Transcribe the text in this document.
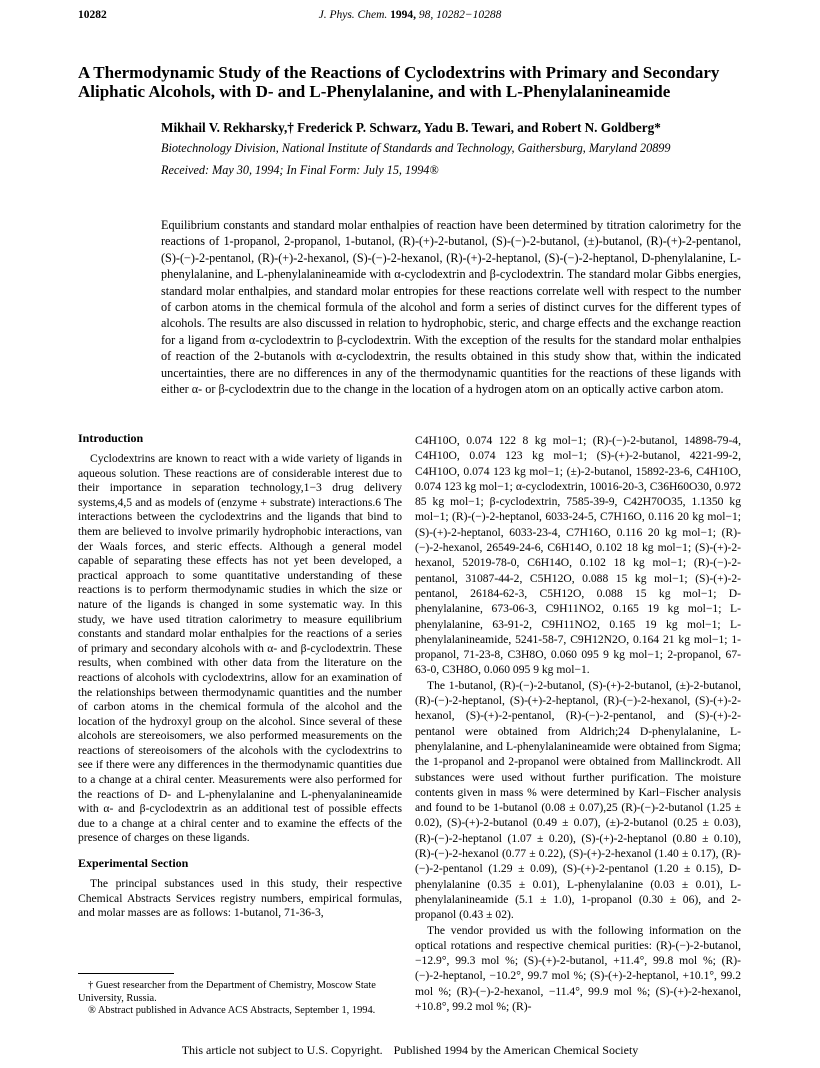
10282	J. Phys. Chem. 1994, 98, 10282−10288
A Thermodynamic Study of the Reactions of Cyclodextrins with Primary and Secondary Aliphatic Alcohols, with D- and L-Phenylalanine, and with L-Phenylalanineamide
Mikhail V. Rekharsky,† Frederick P. Schwarz, Yadu B. Tewari, and Robert N. Goldberg*
Biotechnology Division, National Institute of Standards and Technology, Gaithersburg, Maryland 20899
Received: May 30, 1994; In Final Form: July 15, 1994®

Equilibrium constants and standard molar enthalpies of reaction have been determined by titration calorimetry for the reactions of 1-propanol, 2-propanol, 1-butanol, (R)-(+)-2-butanol, (S)-(−)-2-butanol, (±)-butanol, (R)-(+)-2-pentanol, (S)-(−)-2-pentanol, (R)-(+)-2-hexanol, (S)-(−)-2-hexanol, (R)-(+)-2-heptanol, (S)-(−)-2-heptanol, D-phenylalanine, L-phenylalanine, and L-phenylalanineamide with α-cyclodextrin and β-cyclodextrin. The standard molar Gibbs energies, standard molar enthalpies, and standard molar entropies for these reactions correlate well with respect to the number of carbon atoms in the chemical formula of the alcohol and form a series of distinct curves for the different types of alcohols. The results are also discussed in relation to hydrophobic, steric, and charge effects and the exchange reaction for a ligand from α-cyclodextrin to β-cyclodextrin. With the exception of the results for the standard molar enthalpies of reaction of the 2-butanols with α-cyclodextrin, the results obtained in this study show that, within the indicated uncertainties, there are no differences in any of the thermodynamic quantities for the reactions of these ligands with either α- or β-cyclodextrin due to the change in the location of a hydrogen atom on an optically active carbon atom.

Introduction

Cyclodextrins are known to react with a wide variety of ligands in aqueous solution. These reactions are of considerable interest due to their importance in separation technology,1−3 drug delivery systems,4,5 and as models of (enzyme + substrate) interactions.6 The interactions between the cyclodextrins and the ligands that bind to them are believed to involve primarily hydrophobic interactions, van der Waals forces, and steric effects. Although a general model capable of separating these effects has not yet been developed, a practical approach to some quantitative understanding of these reactions is to perform thermodynamic studies in which the size or nature of the ligands is changed in some systematic way. In this study, we have used titration calorimetry to measure equilibrium constants and standard molar enthalpies for the reactions of a series of primary and secondary alcohols with α- and β-cyclodextrin. These results, when combined with other data from the literature on the reactions of alcohols with cyclodextrins, allow for an examination of the relationships between thermodynamic quantities and the number of carbon atoms in the chemical formula of the alcohol and the location of the hydroxyl group on the alcohol. Since several of these alcohols are stereoisomers, we also performed measurements on the reactions of stereoisomers of the alcohols with the cyclodextrins to see if there were any differences in the thermodynamic quantities due to a change at a chiral center. Measurements were also performed for the reactions of D- and L-phenylalanine and L-phenyalanineamide with α- and β-cyclodextrin as an additional test of possible effects due to a change at a chiral center and to examine the effects of the presence of charges on these ligands.

Experimental Section

The principal substances used in this study, their respective Chemical Abstracts Services registry numbers, empirical formulas, and molar masses are as follows: 1-butanol, 71-36-3,

C4H10O, 0.074 122 8 kg mol−1; (R)-(−)-2-butanol, 14898-79-4, C4H10O, 0.074 123 kg mol−1; (S)-(+)-2-butanol, 4221-99-2, C4H10O, 0.074 123 kg mol−1; (±)-2-butanol, 15892-23-6, C4H10O, 0.074 123 kg mol−1; α-cyclodextrin, 10016-20-3, C36H60O30, 0.972 85 kg mol−1; β-cyclodextrin, 7585-39-9, C42H70O35, 1.1350 kg mol−1; (R)-(−)-2-heptanol, 6033-24-5, C7H16O, 0.116 20 kg mol−1; (S)-(+)-2-heptanol, 6033-23-4, C7H16O, 0.116 20 kg mol−1; (R)-(−)-2-hexanol, 26549-24-6, C6H14O, 0.102 18 kg mol−1; (S)-(+)-2-hexanol, 52019-78-0, C6H14O, 0.102 18 kg mol−1; (R)-(−)-2-pentanol, 31087-44-2, C5H12O, 0.088 15 kg mol−1; (S)-(+)-2-pentanol, 26184-62-3, C5H12O, 0.088 15 kg mol−1; D-phenylalanine, 673-06-3, C9H11NO2, 0.165 19 kg mol−1; L-phenylalanine, 63-91-2, C9H11NO2, 0.165 19 kg mol−1; L-phenylalanineamide, 5241-58-7, C9H12N2O, 0.164 21 kg mol−1; 1-propanol, 71-23-8, C3H8O, 0.060 095 9 kg mol−1; 2-propanol, 67-63-0, C3H8O, 0.060 095 9 kg mol−1.

The 1-butanol, (R)-(−)-2-butanol, (S)-(+)-2-butanol, (±)-2-butanol, (R)-(−)-2-heptanol, (S)-(+)-2-heptanol, (R)-(−)-2-hexanol, (S)-(+)-2-hexanol, (S)-(+)-2-pentanol, (R)-(−)-2-pentanol, and (S)-(+)-2-pentanol were obtained from Aldrich;24 D-phenylalanine, L-phenylalanine, and L-phenylalanineamide were obtained from Sigma; the 1-propanol and 2-propanol were obtained from Mallinckrodt. All substances were used without further purification. The moisture contents given in mass % were determined by Karl−Fischer analysis and found to be 1-butanol (0.08 ± 0.07),25 (R)-(−)-2-butanol (1.25 ± 0.02), (S)-(+)-2-butanol (0.49 ± 0.07), (±)-2-butanol (0.25 ± 0.03), (R)-(−)-2-heptanol (1.07 ± 0.20), (S)-(+)-2-heptanol (0.80 ± 0.10), (R)-(−)-2-hexanol (0.77 ± 0.22), (S)-(+)-2-hexanol (1.40 ± 0.17), (R)-(−)-2-pentanol (1.29 ± 0.09), (S)-(+)-2-pentanol (1.20 ± 0.15), D-phenylalanine (0.35 ± 0.01), L-phenylalanine (0.03 ± 0.01), L-phenylalanineamide (5.1 ± 1.0), 1-propanol (0.30 ± 06), and 2-propanol (0.43 ± 02).

The vendor provided us with the following information on the optical rotations and respective chemical purities: (R)-(−)-2-butanol, −12.9°, 99.3 mol %; (S)-(+)-2-butanol, +11.4°, 99.8 mol %; (R)-(−)-2-heptanol, −10.2°, 99.7 mol %; (S)-(+)-2-heptanol, +10.1°, 99.2 mol %; (R)-(−)-2-hexanol, −11.4°, 99.9 mol %; (S)-(+)-2-hexanol, +10.8°, 99.2 mol %; (R)-

† Guest researcher from the Department of Chemistry, Moscow State University, Russia.

® Abstract published in Advance ACS Abstracts, September 1, 1994.

This article not subject to U.S. Copyright. Published 1994 by the American Chemical Society
